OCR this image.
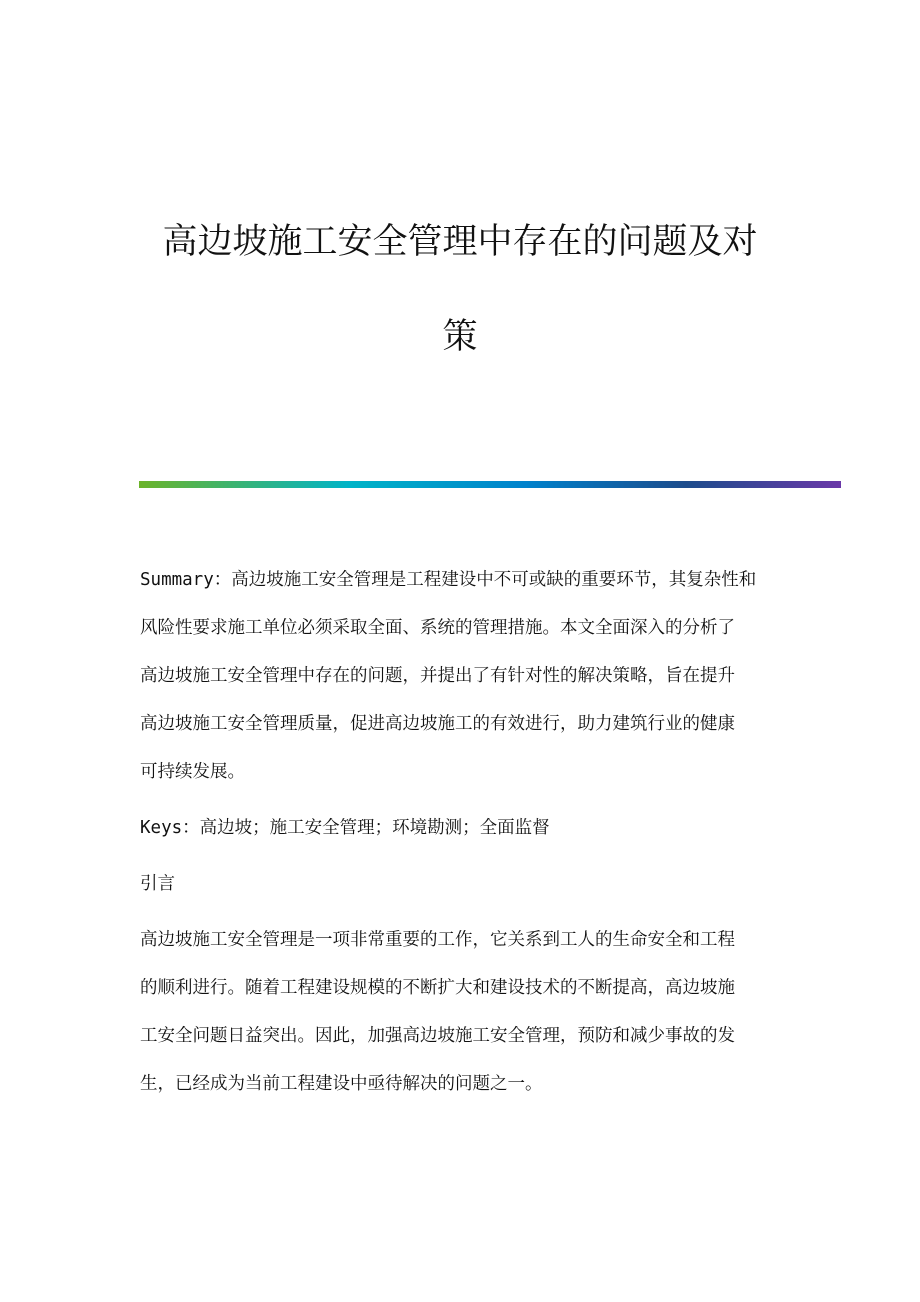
高边坡施工安全管理中存在的问题及对
策
Summary：高边坡施工安全管理是工程建设中不可或缺的重要环节，其复杂性和
风险性要求施工单位必须采取全面、系统的管理措施。本文全面深入的分析了
高边坡施工安全管理中存在的问题，并提出了有针对性的解决策略，旨在提升
高边坡施工安全管理质量，促进高边坡施工的有效进行，助力建筑行业的健康
可持续发展。
Keys：高边坡；施工安全管理；环境勘测；全面监督
引言
高边坡施工安全管理是一项非常重要的工作，它关系到工人的生命安全和工程
的顺利进行。随着工程建设规模的不断扩大和建设技术的不断提高，高边坡施
工安全问题日益突出。因此，加强高边坡施工安全管理，预防和减少事故的发
生，已经成为当前工程建设中亟待解决的问题之一。
